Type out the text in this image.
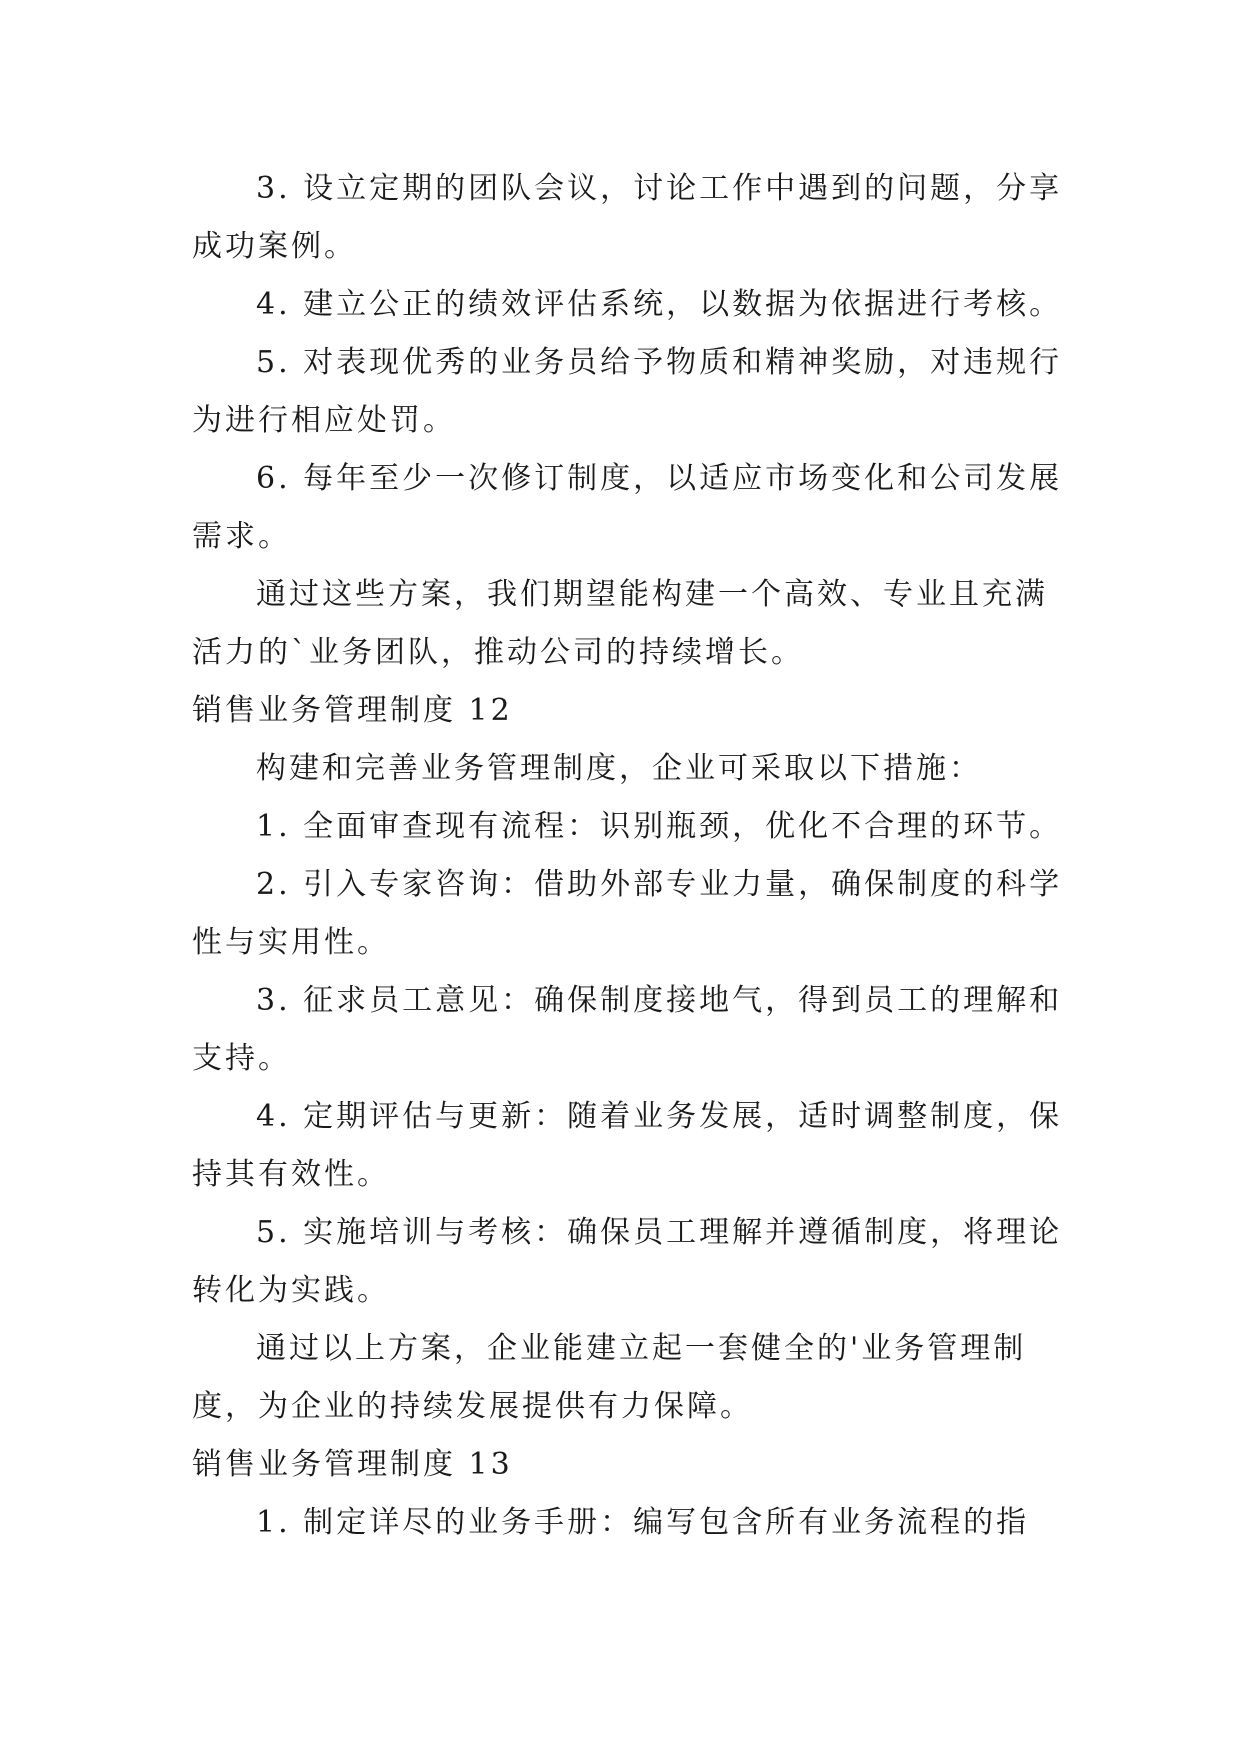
3. 设立定期的团队会议，讨论工作中遇到的问题，分享成功案例。

4. 建立公正的绩效评估系统，以数据为依据进行考核。

5. 对表现优秀的业务员给予物质和精神奖励，对违规行为进行相应处罚。

6. 每年至少一次修订制度，以适应市场变化和公司发展需求。

通过这些方案，我们期望能构建一个高效、专业且充满活力的`业务团队，推动公司的持续增长。

销售业务管理制度 12

构建和完善业务管理制度，企业可采取以下措施：

1. 全面审查现有流程：识别瓶颈，优化不合理的环节。

2. 引入专家咨询：借助外部专业力量，确保制度的科学性与实用性。

3. 征求员工意见：确保制度接地气，得到员工的理解和支持。

4. 定期评估与更新：随着业务发展，适时调整制度，保持其有效性。

5. 实施培训与考核：确保员工理解并遵循制度，将理论转化为实践。

通过以上方案，企业能建立起一套健全的'业务管理制度，为企业的持续发展提供有力保障。

销售业务管理制度 13

1. 制定详尽的业务手册：编写包含所有业务流程的指
